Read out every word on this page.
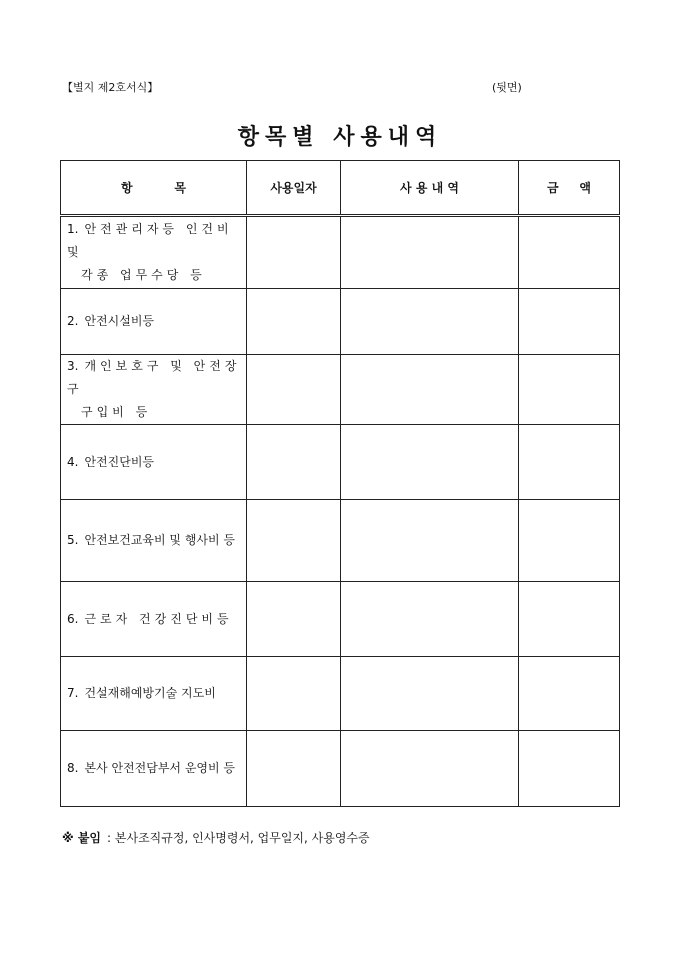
【별지 제2호서식】	(뒷면)
항목별 사용내역
항          목	사용일자	사 용 내 역	금     액

1. 안전관리자등 인건비 및
각종 업무수당 등			

2. 안전시설비등			

3. 개인보호구 및 안전장구
구입비 등			

4. 안전진단비등			
5. 안전보건교육비 및 행사비 등			
6. 근로자 건강진단비등			
7. 건설재해예방기술 지도비			
8. 본사 안전전담부서 운영비 등			
※ 붙임 : 본사조직규정, 인사명령서, 업무일지, 사용영수증
